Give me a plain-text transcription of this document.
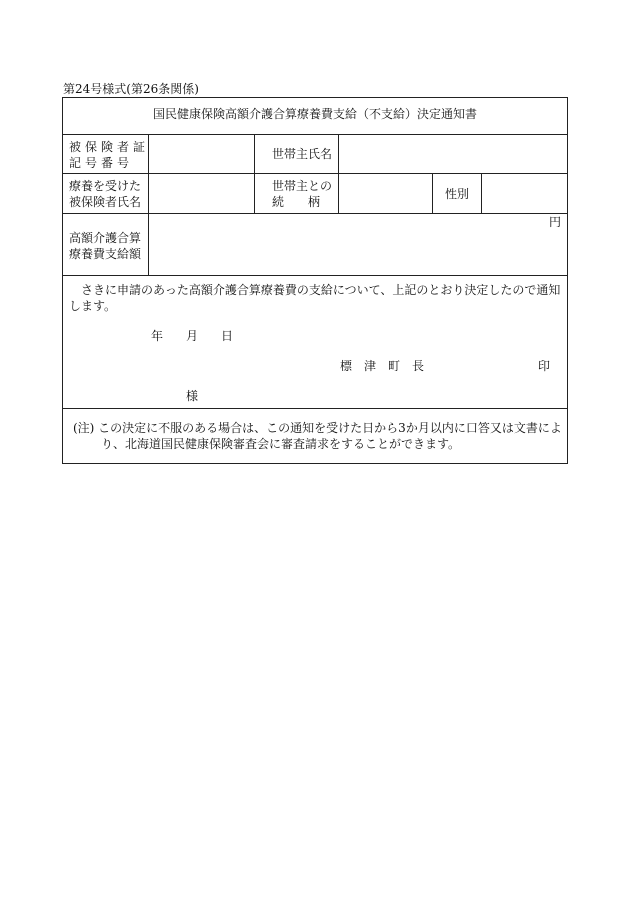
第24号様式(第26条関係)
国民健康保険高額介護合算療養費支給（不支給）決定通知書
被保険者証
記号番号
世帯主氏名
療養を受けた
被保険者氏名
世帯主との
続　　柄
性別
高額介護合算
療養費支給額
円
さきに申請のあった高額介護合算療養費の支給について、上記のとおり決定したので通知します。
年 月 日
標　津　町　長	印
様
(注) この決定に不服のある場合は、この通知を受けた日から3か月以内に口答又は文書によ
り、北海道国民健康保険審査会に審査請求をすることができます。
